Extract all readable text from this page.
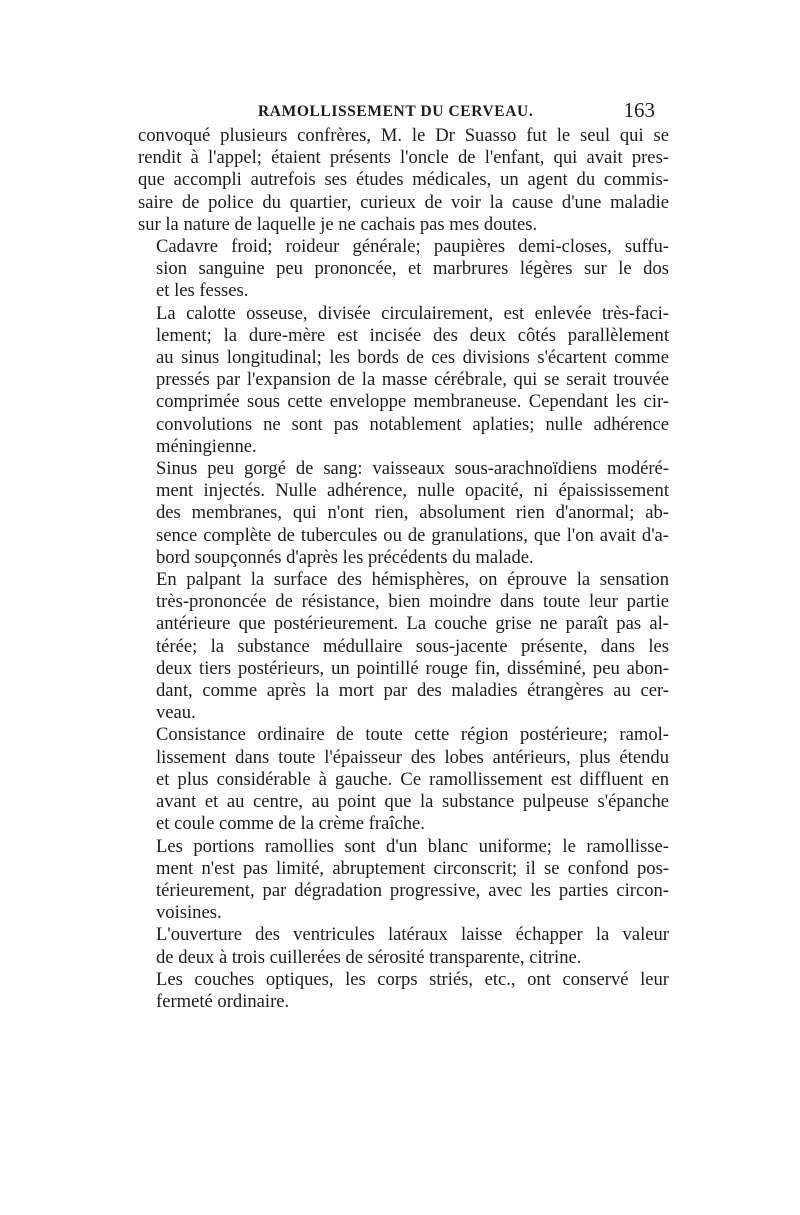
RAMOLLISSEMENT DU CERVEAU.	163

convoqué plusieurs confrères, M. le Dr Suasso fut le seul qui se
rendit à l'appel; étaient présents l'oncle de l'enfant, qui avait pres-
que accompli autrefois ses études médicales, un agent du commis-
saire de police du quartier, curieux de voir la cause d'une maladie
sur la nature de laquelle je ne cachais pas mes doutes.

Cadavre froid; roideur générale; paupières demi-closes, suffu-
sion sanguine peu prononcée, et marbrures légères sur le dos
et les fesses.

La calotte osseuse, divisée circulairement, est enlevée très-faci-
lement; la dure-mère est incisée des deux côtés parallèlement
au sinus longitudinal; les bords de ces divisions s'écartent comme
pressés par l'expansion de la masse cérébrale, qui se serait trouvée
comprimée sous cette enveloppe membraneuse. Cependant les cir-
convolutions ne sont pas notablement aplaties; nulle adhérence
méningienne.

Sinus peu gorgé de sang: vaisseaux sous-arachnoïdiens modéré-
ment injectés. Nulle adhérence, nulle opacité, ni épaississement
des membranes, qui n'ont rien, absolument rien d'anormal; ab-
sence complète de tubercules ou de granulations, que l'on avait d'a-
bord soupçonnés d'après les précédents du malade.

En palpant la surface des hémisphères, on éprouve la sensation
très-prononcée de résistance, bien moindre dans toute leur partie
antérieure que postérieurement. La couche grise ne paraît pas al-
térée; la substance médullaire sous-jacente présente, dans les
deux tiers postérieurs, un pointillé rouge fin, disséminé, peu abon-
dant, comme après la mort par des maladies étrangères au cer-
veau.

Consistance ordinaire de toute cette région postérieure; ramol-
lissement dans toute l'épaisseur des lobes antérieurs, plus étendu
et plus considérable à gauche. Ce ramollissement est diffluent en
avant et au centre, au point que la substance pulpeuse s'épanche
et coule comme de la crème fraîche.

Les portions ramollies sont d'un blanc uniforme; le ramollisse-
ment n'est pas limité, abruptement circonscrit; il se confond pos-
térieurement, par dégradation progressive, avec les parties circon-
voisines.

L'ouverture des ventricules latéraux laisse échapper la valeur
de deux à trois cuillerées de sérosité transparente, citrine.

Les couches optiques, les corps striés, etc., ont conservé leur
fermeté ordinaire.
